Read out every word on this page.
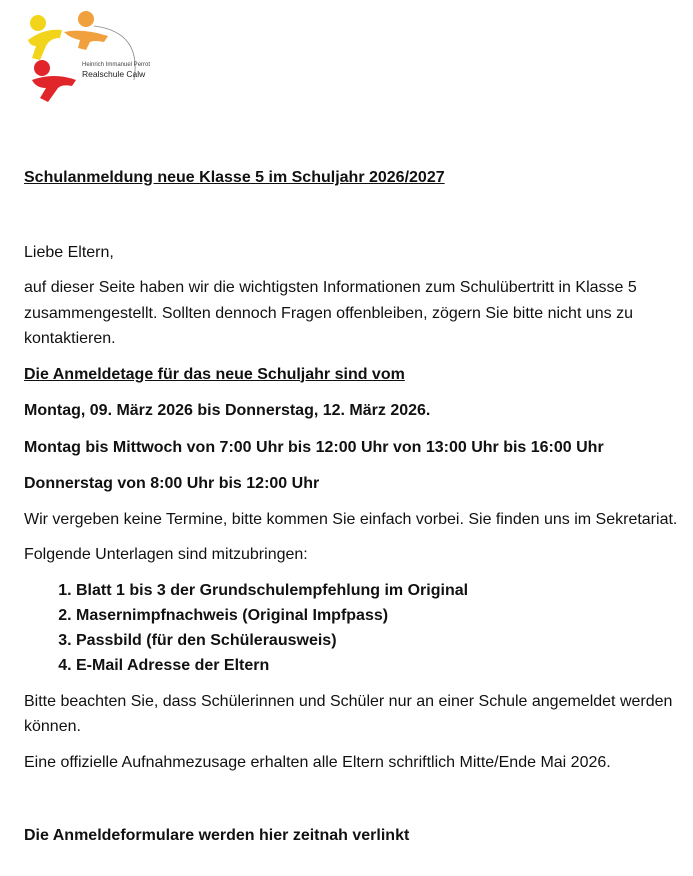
Heinrich Immanuel Perrot
Realschule Calw

Schulanmeldung neue Klasse 5 im Schuljahr 2026/2027

Liebe Eltern,

auf dieser Seite haben wir die wichtigsten Informationen zum Schulübertritt in Klasse 5 zusammengestellt. Sollten dennoch Fragen offenbleiben, zögern Sie bitte nicht uns zu kontaktieren.

Die Anmeldetage für das neue Schuljahr sind vom

Montag, 09. März 2026 bis Donnerstag, 12. März 2026.

Montag bis Mittwoch von 7:00 Uhr bis 12:00 Uhr von 13:00 Uhr bis 16:00 Uhr

Donnerstag von 8:00 Uhr bis 12:00 Uhr

Wir vergeben keine Termine, bitte kommen Sie einfach vorbei. Sie finden uns im Sekretariat.

Folgende Unterlagen sind mitzubringen:

1. Blatt 1 bis 3 der Grundschulempfehlung im Original
2. Masernimpfnachweis (Original Impfpass)
3. Passbild (für den Schülerausweis)
4. E-Mail Adresse der Eltern

Bitte beachten Sie, dass Schülerinnen und Schüler nur an einer Schule angemeldet werden können.

Eine offizielle Aufnahmezusage erhalten alle Eltern schriftlich Mitte/Ende Mai 2026.

Die Anmeldeformulare werden hier zeitnah verlinkt
